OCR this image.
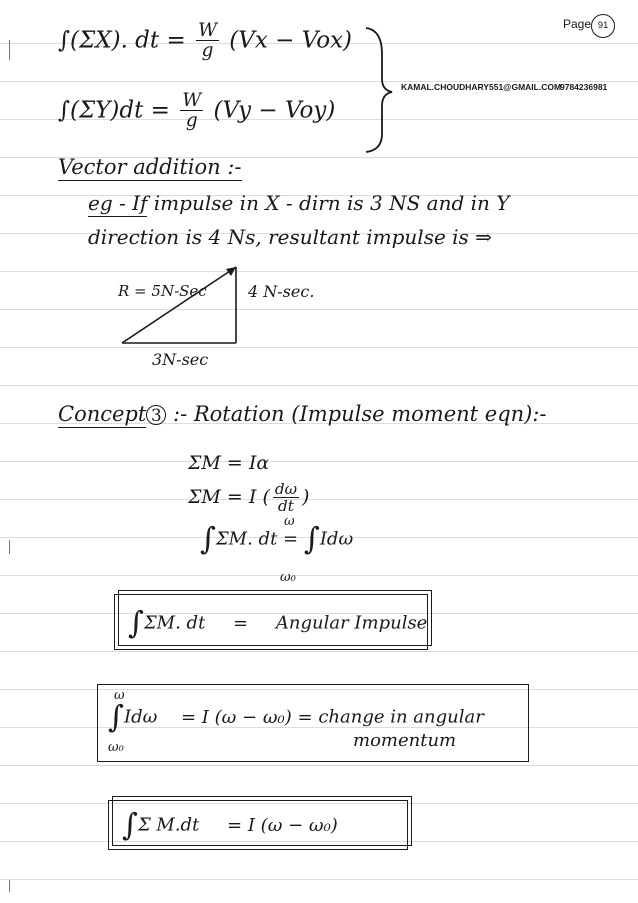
Page 91
KAMAL.CHOUDHARY551@GMAIL.COM
9784236981
∫(ΣX). dt = $\frac{W}{g} (Vx - Vox)$
$\int(\Sigma Y)dt = \frac{W}{g} (Vy - Voy)$
Vector addition :-
eg - If impulse in X - dirn is 3 NS and in Y
direction is 4 Ns, resultant impulse is ⇒
R = 5N-Sec	4 N-sec.
3N-sec
Concept 3 :- Rotation (Impulse moment eqn):-
ΣM = Iα
ΣM = I ( $\frac{d\omega}{dt}$ )
∫ΣM. dt = ∫Idω
ω
ω₀
∫ΣM. dt = Angular Impulse
∫Idω = I (ω − ω₀) = change in angular
momentum
ω
ω₀
∫Σ M.dt = I (ω − ω₀)
